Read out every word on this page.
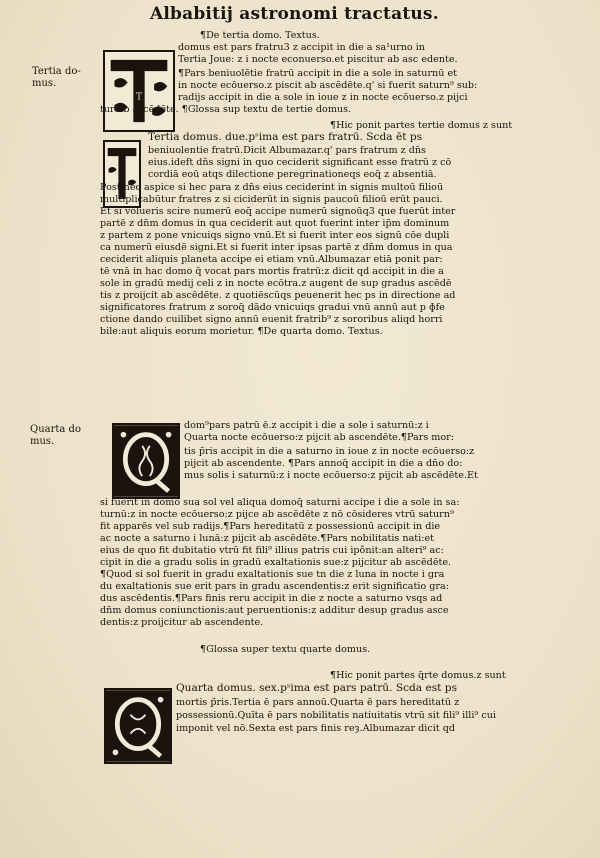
Albabitij astronomi tractatus.
Tertia do- mus.
Quarta do mus.
T
¶De tertia domo. Textus.
domus est pars fratru3 z accipit in die a sa¹urno in
Tertia Joue: z i nocte econuerso.et piscitur ab asc edente.
¶Pars beniuolētie fratrū accipit in die a sole in saturnū et
in nocte ecōuerso.z piscit ab ascēdēte.q' si fuerit saturn⁹ sub:
radijs accipit in die a sole in ioue z in nocte ecōuerso.z pijci
tur ab ascēdēte. ¶Glossa sup textu de tertie domus.
¶Hic ponit partes tertie domus z sunt
Tertia domus. due.pˢima est pars fratrū. Scd̄a ēt ps
beniuolentie fratrū.Dicit Albumazar.q' pars fratrum z dn̄s
eius.ideft dn̄s signi in quo ceciderit significant esse fratrū z cō
cordiā eoū atqs dilectione peregrinationeqs eoq̄ z absentiā.
Post hec aspice si hec para z dn̄s eius ceciderint in signis multoū filioū
multiplicabūtur fratres z si ciciderūt in signis paucoū filioū erūt pauci.
Et si volueris scire numerū eoq̄ accipe numerū signoūq3 que fuerūt inter
partē z dn̄m domus in qua ceciderit aut quot fuerint inter ip̄m dominum
z partem z pone vnicuiqs signo vnū.Et si fuerit inter eos signū cōe dupli
ca numerū eiusdē signi.Et si fuerit inter ipsas partē z dn̄m domus in qua
ceciderit aliquis planeta accipe ei etiam vnū.Albumazar etiā ponit par:
tē vnā in hac domo q̄ vocat̄ pars mortis fratrū:z dicit qd̄ accipit in die a
sole in gradū medij celi z in nocte ecōtra.z augent de sup gradus ascēdē
tis z proijcit ab ascēdēte. z quotiēscūqs peuenerit hec ps in directione ad
significatores fratrum z soroq̄ dādo vnicuiqs gradui vnū annū aut p ɸfe
ctione dando cuilibet signo annū euenit fratrib⁹ z sororibus aliqd horri
bile:aut aliquis eorum moriet̄ur. ¶De quarta domo. Textus.
dom⁹pars patrū ē.z accipit i die a sole i saturnū:z i
Quarta nocte ecōuerso:z pijcit ab ascendēte.¶Pars mor:
tis p̄ris accipit in die a saturno in ioue z in nocte ecōuerso:z
pijcit ab ascendente. ¶Pars annoq̄ accipit in die a dn̄o do:
mus solis i saturnū:z i nocte ecōuerso:z pijcit ab ascēdēte.Et
si fuerit in domo sua sol vel aliqua domoq̄ saturni accipe i die a sole in sa:
turnū:z in nocte ecōuerso:z pijce ab ascēdēte z nō cōsideres vtrū saturn⁹
fit apparēs vel sub radijs.¶Pars hereditatū z possessionū accipit in die
ac nocte a saturno i lunā:z pijcit ab ascēdēte.¶Pars nobilitatis nati:et
eius de quo fit dubitatio vtrū fit fili⁹ illius patris cui ipõnit:an alteri⁹ ac:
cipit in die a gradu solis in gradū exaltationis sue:z pijcitur ab ascēdēte.
¶Quod si sol fuerit in gradu exaltationis sue tn die z luna in nocte i gra
du exaltationis sue erit pars in gradu ascendentis:z erit significatio gra:
dus ascēdentis.¶Pars finis reru accipit in die z nocte a saturno vsqs ad
dn̄m domus coniunctionis:aut peruentionis:z additur desup gradus asce
dentis:z proijcitur ab ascendente.
¶Glossa super textu quarte domus.
¶Hic ponit partes q̄rte domus.z sunt
Quarta domus. sex.pˢima est pars patrū. Scd̄a est ps
mortis p̄ris.Tertia ē pars annoū.Quarta ē pars hereditatū z
possessionū.Quīta ē pars nobilitatis natiuitatis vtrū sit fili⁹ illi⁹ cui
imponit̄ vel nō.Sexta est pars finis reȝ.Albumazar dicit qd̄
